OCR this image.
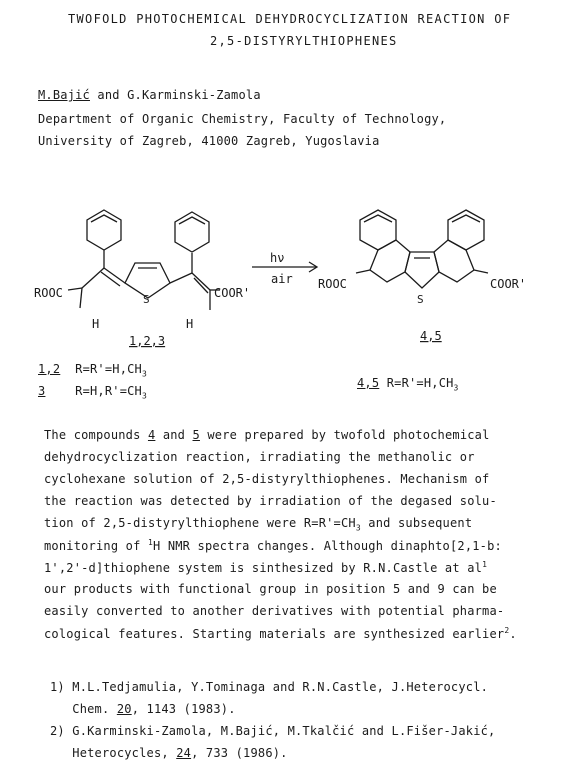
TWOFOLD PHOTOCHEMICAL DEHYDROCYCLIZATION REACTION OF
2,5-DISTYRYLTHIOPHENES
M.Bajić and G.Karminski-Zamola
Department of Organic Chemistry, Faculty of Technology,
University of Zagreb, 41000 Zagreb, Yugoslavia
ROOC	COOR'
S
H	H
hν
air ROOC	COOR'
S
1,2,3	4,5
1,2 $R=R'=H,CH_3$
3 $R=H,R'=CH_3$
4,5 $R=R'=H,CH_3$
The compounds 4 and 5 were prepared by twofold photochemical
dehydrocyclization reaction, irradiating the methanolic or
cyclohexane solution of 2,5-distyrylthiophenes. Mechanism of
the reaction was detected by irradiation of the degased solu-
tion of 2,5-distyrylthiophene were $R=R'=CH_3$ and subsequent
monitoring of $^1$H NMR spectra changes. Although dinaphto[2,1-b:
1',2'-d]thiophene system is sinthesized by R.N.Castle at $al^1$
our products with functional group in position 5 and 9 can be
easily converted to another derivatives with potential pharma-
cological features. Starting materials are synthesized earlier$^2$.
1) M.L.Tedjamulia, Y.Tominaga and R.N.Castle, J.Heterocycl.
Chem. 20, 1143 (1983).
2) G.Karminski-Zamola, M.Bajić, M.Tkalčić and L.Fišer-Jakić,
Heterocycles, 24, 733 (1986).
